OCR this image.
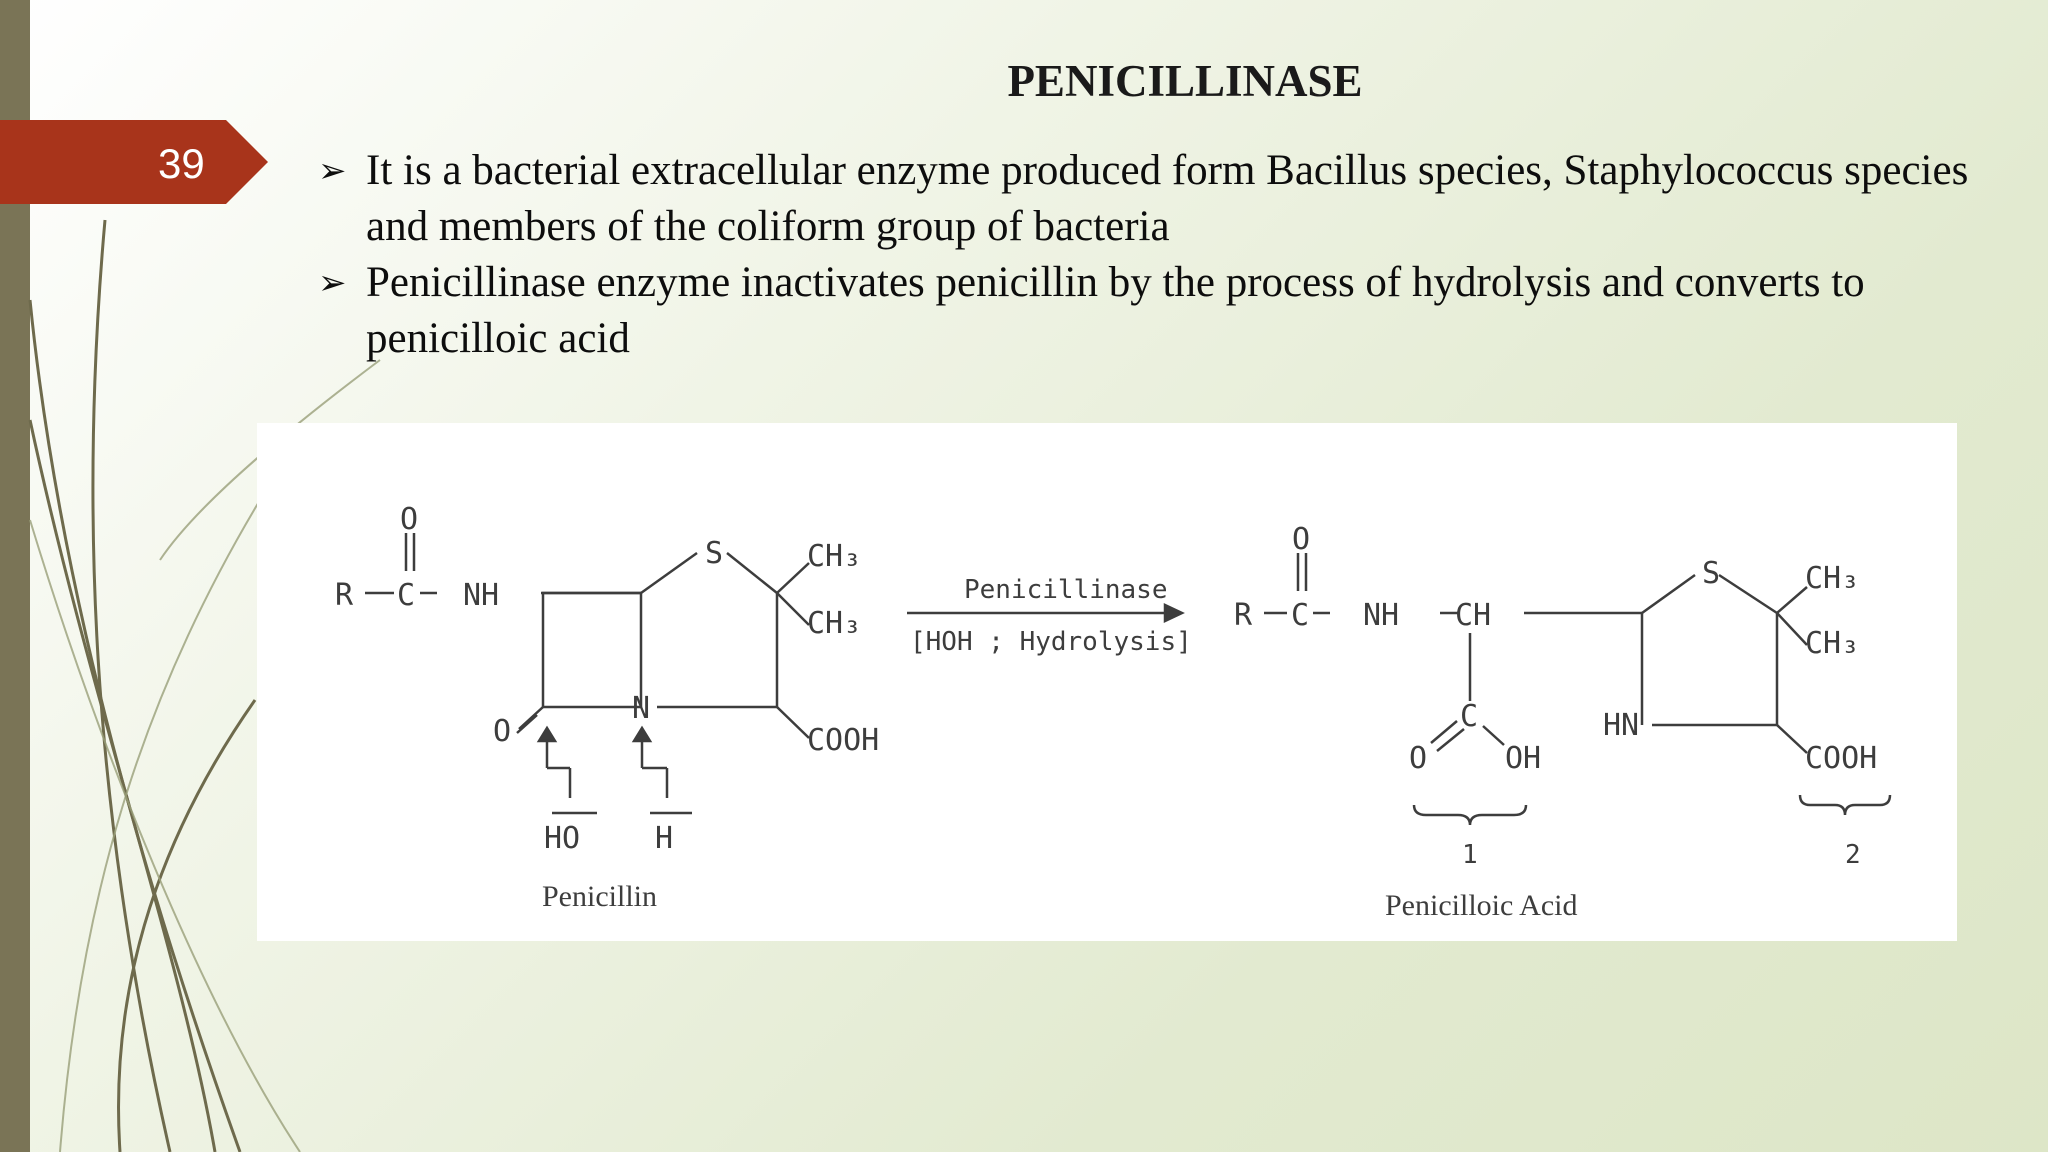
39
PENICILLINASE
➢ It is a bacterial extracellular enzyme produced form Bacillus species, Staphylococcus species and members of the coliform group of bacteria
➢ Penicillinase enzyme inactivates penicillin by the process of hydrolysis and converts to penicilloic acid
R C
O
NH
S	CH₃
CH₃
N
O	COOH
HO H
Penicillin
Penicillinase
[HOH ; Hydrolysis]
R C
O
NH CH
S	CH₃
CH₃
HN
C
O	OH	COOH
1	2
Penicilloic Acid
